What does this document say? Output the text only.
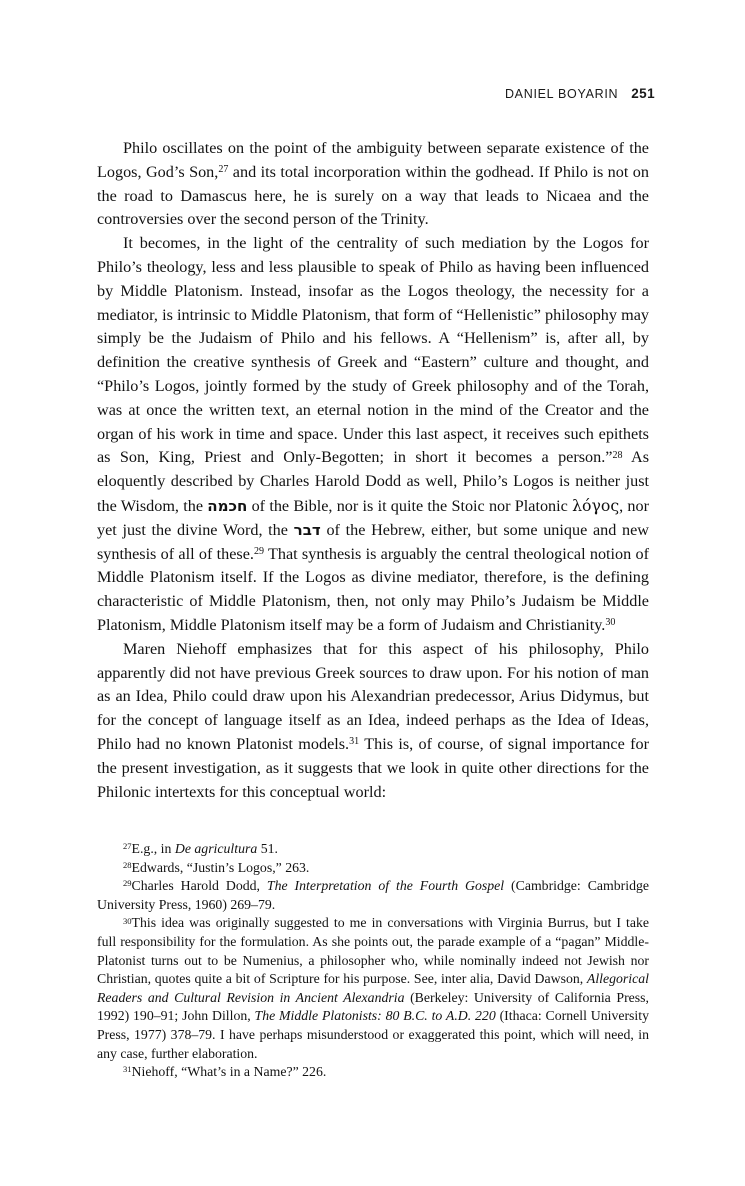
DANIEL BOYARIN 251

Philo oscillates on the point of the ambiguity between separate existence of the Logos, God’s Son,$^{27}$ and its total incorporation within the godhead. If Philo is not on the road to Damascus here, he is surely on a way that leads to Nicaea and the controversies over the second person of the Trinity.

It becomes, in the light of the centrality of such mediation by the Logos for Philo’s theology, less and less plausible to speak of Philo as having been influenced by Middle Platonism. Instead, insofar as the Logos theology, the necessity for a mediator, is intrinsic to Middle Platonism, that form of “Hellenistic” philosophy may simply be the Judaism of Philo and his fellows. A “Hellenism” is, after all, by definition the creative synthesis of Greek and “Eastern” culture and thought, and “Philo’s Logos, jointly formed by the study of Greek philosophy and of the Torah, was at once the written text, an eternal notion in the mind of the Creator and the organ of his work in time and space. Under this last aspect, it receives such epithets as Son, King, Priest and Only-Begotten; in short it becomes a person.”$^{28}$ As eloquently described by Charles Harold Dodd as well, Philo’s Logos is neither just the Wisdom, the חכמה of the Bible, nor is it quite the Stoic nor Platonic λόγος, nor yet just the divine Word, the דבר of the Hebrew, either, but some unique and new synthesis of all of these.$^{29}$ That synthesis is arguably the central theological notion of Middle Platonism itself. If the Logos as divine mediator, therefore, is the defining characteristic of Middle Platonism, then, not only may Philo’s Judaism be Middle Platonism, Middle Platonism itself may be a form of Judaism and Christianity.$^{30}$

Maren Niehoff emphasizes that for this aspect of his philosophy, Philo apparently did not have previous Greek sources to draw upon. For his notion of man as an Idea, Philo could draw upon his Alexandrian predecessor, Arius Didymus, but for the concept of language itself as an Idea, indeed perhaps as the Idea of Ideas, Philo had no known Platonist models.$^{31}$ This is, of course, of signal importance for the present investigation, as it suggests that we look in quite other directions for the Philonic intertexts for this conceptual world:

$^{27}$E.g., in De agricultura 51.

$^{28}$Edwards, “Justin’s Logos,” 263.

$^{29}$Charles Harold Dodd, The Interpretation of the Fourth Gospel (Cambridge: Cambridge University Press, 1960) 269–79.

$^{30}$This idea was originally suggested to me in conversations with Virginia Burrus, but I take full responsibility for the formulation. As she points out, the parade example of a “pagan” Middle-Platonist turns out to be Numenius, a philosopher who, while nominally indeed not Jewish nor Christian, quotes quite a bit of Scripture for his purpose. See, inter alia, David Dawson, Allegorical Readers and Cultural Revision in Ancient Alexandria (Berkeley: University of California Press, 1992) 190–91; John Dillon, The Middle Platonists: 80 B.C. to A.D. 220 (Ithaca: Cornell University Press, 1977) 378–79. I have perhaps misunderstood or exaggerated this point, which will need, in any case, further elaboration.

$^{31}$Niehoff, “What’s in a Name?” 226.
